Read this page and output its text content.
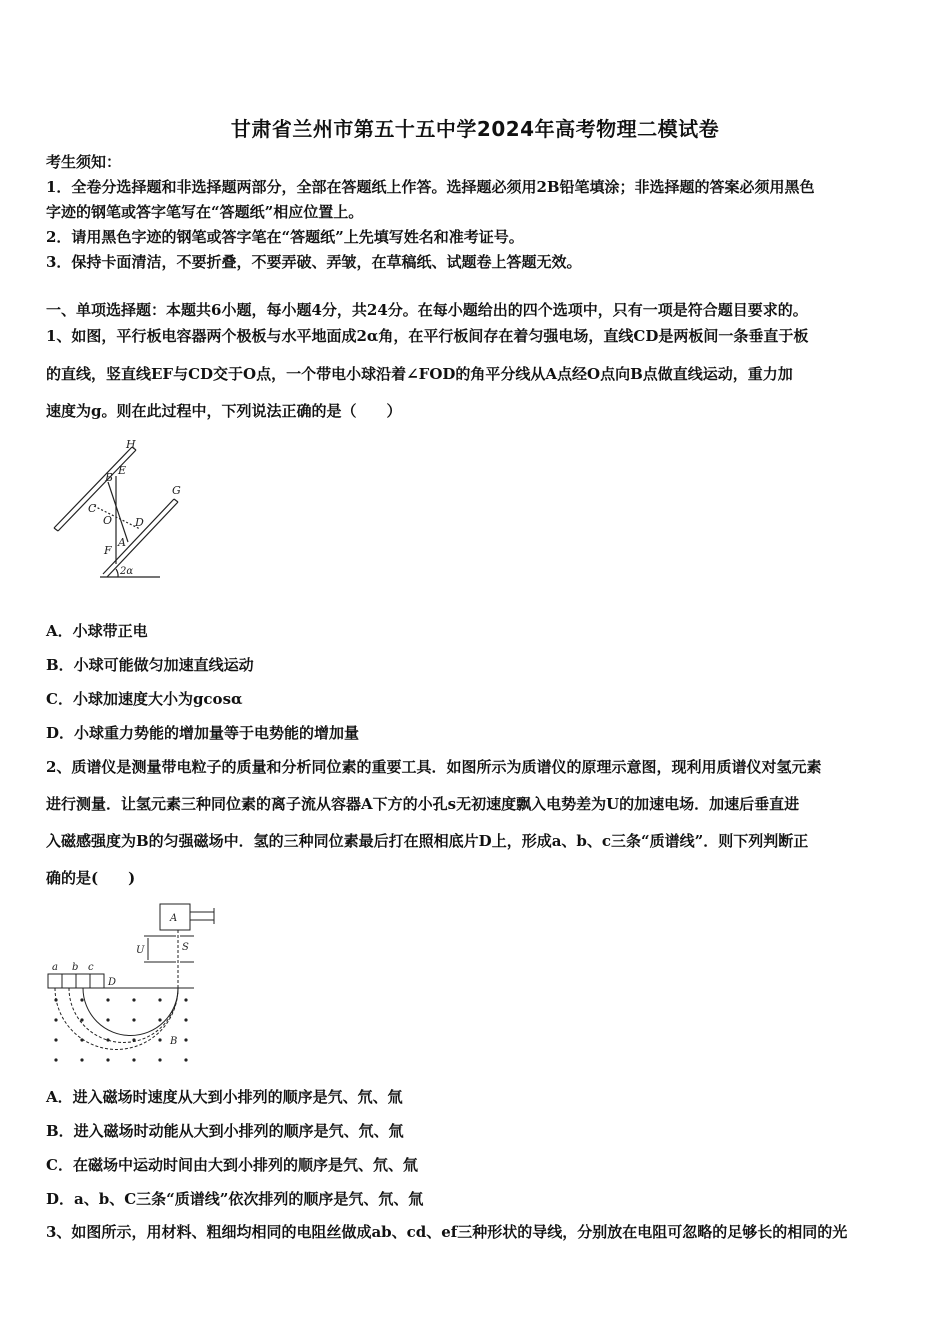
甘肃省兰州市第五十五中学2024年高考物理二模试卷
考生须知：
1．全卷分选择题和非选择题两部分，全部在答题纸上作答。选择题必须用2B铅笔填涂；非选择题的答案必须用黑色
字迹的钢笔或答字笔写在“答题纸”相应位置上。
2．请用黑色字迹的钢笔或答字笔在“答题纸”上先填写姓名和准考证号。
3．保持卡面清洁，不要折叠，不要弄破、弄皱，在草稿纸、试题卷上答题无效。
一、单项选择题：本题共6小题，每小题4分，共24分。在每小题给出的四个选项中，只有一项是符合题目要求的。
1、如图，平行板电容器两个极板与水平地面成2α角，在平行板间存在着匀强电场，直线CD是两板间一条垂直于板
的直线，竖直线EF与CD交于O点，一个带电小球沿着∠FOD的角平分线从A点经O点向B点做直线运动，重力加
速度为g。则在此过程中，下列说法正确的是（　　）
H
E
B
C
O D
A
F
G
2α
A．小球带正电
B．小球可能做匀加速直线运动
C．小球加速度大小为gcosα
D．小球重力势能的增加量等于电势能的增加量
2、质谱仪是测量带电粒子的质量和分析同位素的重要工具．如图所示为质谱仪的原理示意图，现利用质谱仪对氢元素
进行测量．让氢元素三种同位素的离子流从容器A下方的小孔s无初速度飘入电势差为U的加速电场．加速后垂直进
入磁感强度为B的匀强磁场中．氢的三种同位素最后打在照相底片D上，形成a、b、c三条“质谱线”．则下列判断正
确的是(　　)
A
U	S
a b c
D
B
A．进入磁场时速度从大到小排列的顺序是氕、氘、氚
B．进入磁场时动能从大到小排列的顺序是氕、氘、氚
C．在磁场中运动时间由大到小排列的顺序是氕、氘、氚
D．a、b、C三条“质谱线”依次排列的顺序是氕、氘、氚
3、如图所示，用材料、粗细均相同的电阻丝做成ab、cd、ef三种形状的导线，分别放在电阻可忽略的足够长的相同的光
